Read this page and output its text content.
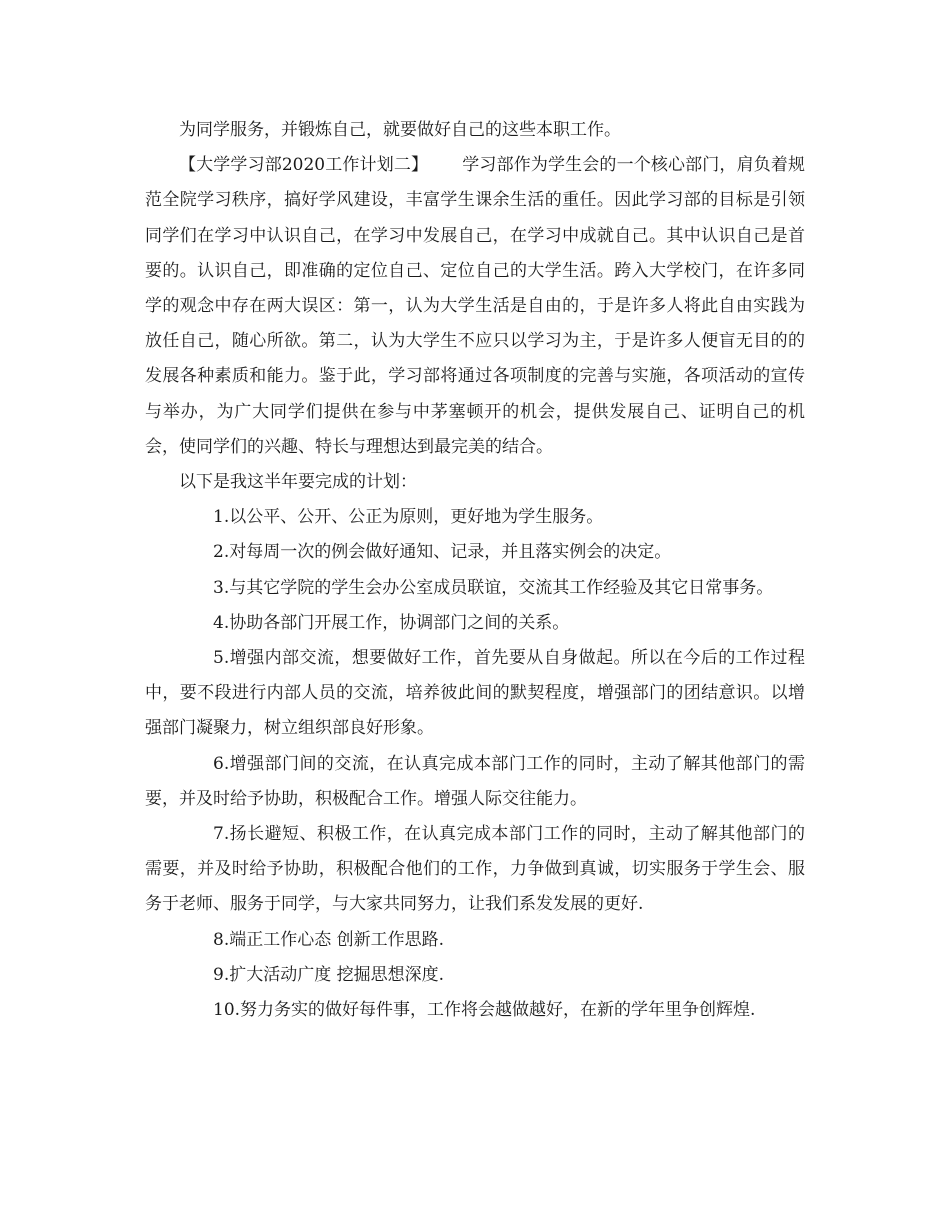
为同学服务，并锻炼自己，就要做好自己的这些本职工作。

【大学学习部2020工作计划二】 学习部作为学生会的一个核心部门，肩负着规范全院学习秩序，搞好学风建设，丰富学生课余生活的重任。因此学习部的目标是引领同学们在学习中认识自己，在学习中发展自己，在学习中成就自己。其中认识自己是首要的。认识自己，即准确的定位自己、定位自己的大学生活。跨入大学校门，在许多同学的观念中存在两大误区：第一，认为大学生活是自由的，于是许多人将此自由实践为放任自己，随心所欲。第二，认为大学生不应只以学习为主，于是许多人便盲无目的的发展各种素质和能力。鉴于此，学习部将通过各项制度的完善与实施，各项活动的宣传与举办，为广大同学们提供在参与中茅塞顿开的机会，提供发展自己、证明自己的机会，使同学们的兴趣、特长与理想达到最完美的结合。

以下是我这半年要完成的计划：

1.以公平、公开、公正为原则，更好地为学生服务。

2.对每周一次的例会做好通知、记录，并且落实例会的决定。

3.与其它学院的学生会办公室成员联谊，交流其工作经验及其它日常事务。

4.协助各部门开展工作，协调部门之间的关系。

5.增强内部交流，想要做好工作，首先要从自身做起。所以在今后的工作过程中，要不段进行内部人员的交流，培养彼此间的默契程度，增强部门的团结意识。以增强部门凝聚力，树立组织部良好形象。

6.增强部门间的交流，在认真完成本部门工作的同时，主动了解其他部门的需要，并及时给予协助，积极配合工作。增强人际交往能力。

7.扬长避短、积极工作，在认真完成本部门工作的同时，主动了解其他部门的需要，并及时给予协助，积极配合他们的工作，力争做到真诚，切实服务于学生会、服务于老师、服务于同学，与大家共同努力，让我们系发发展的更好.

8.端正工作心态 创新工作思路.

9.扩大活动广度 挖掘思想深度.

10.努力务实的做好每件事，工作将会越做越好，在新的学年里争创辉煌.
